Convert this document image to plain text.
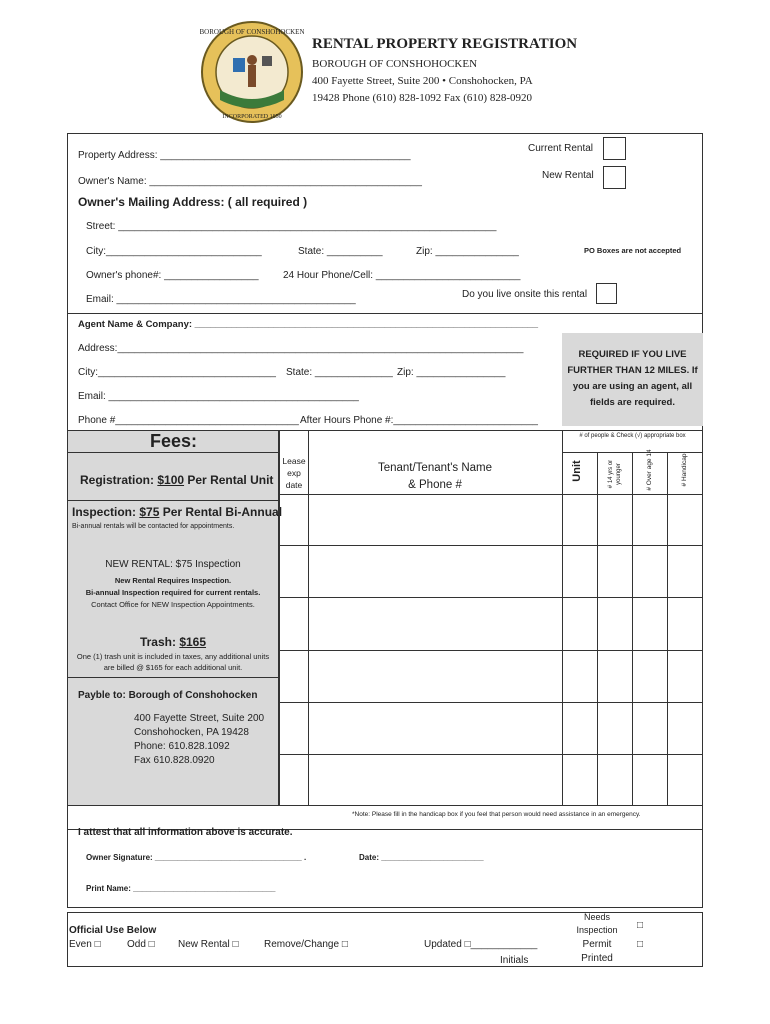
BOROUGH OF CONSHOHOCKEN
INCORPORATED 1850
RENTAL PROPERTY REGISTRATION
BOROUGH OF CONSHOHOCKEN
400 Fayette Street, Suite 200 • Conshohocken, PA
19428 Phone (610) 828-1092 Fax (610) 828-0920
Property Address: _____________________________________________
Current Rental
Owner's Name: _________________________________________________
New Rental
Owner's Mailing Address: ( all required )
Street: ____________________________________________________________________
City:____________________________	State: __________	Zip: _______________	PO Boxes are not accepted
Owner's phone#: _________________ 24 Hour Phone/Cell: __________________________
Email: ___________________________________________	Do you live onsite this rental
Agent Name & Company: _________________________________________________________________
Address:_________________________________________________________________________
City:________________________________ State: ______________ Zip: ________________
Email: _____________________________________________
Phone #_________________________________ After Hours Phone #:__________________________
REQUIRED IF YOU LIVE FURTHER THAN 12 MILES. If you are using an agent, all fields are required.
Fees:
Registration: $100 Per Rental Unit
Inspection: $75 Per Rental Bi-Annual
Bi-annual rentals will be contacted for appointments.
NEW RENTAL: $75 Inspection
New Rental Requires Inspection.
Bi-annual Inspection required for current rentals.
Contact Office for NEW Inspection Appointments.
Trash: $165
One (1) trash unit is included in taxes, any additional units are billed @ $165 for each additional unit.
Payble to: Borough of Conshohocken
400 Fayette Street, Suite 200
Conshohocken, PA 19428
Phone: 610.828.1092
Fax 610.828.0920
Lease exp date
Tenant/Tenant's Name
& Phone #
# of people & Check (√) appropriate box
Unit	# 14 yrs or younger	# Over age 14	# Handicap
*Note: Please fill in the handicap box if you feel that person would need assistance in an emergency.
I attest that all information above is accurate.
Owner Signature: _________________________________ .	Date: _______________________
Print Name: ________________________________
Official Use Below
Even □	Odd □ New Rental □	Remove/Change □	Updated □____________
Initials
Needs
Inspection	□
Permit	□
Printed
